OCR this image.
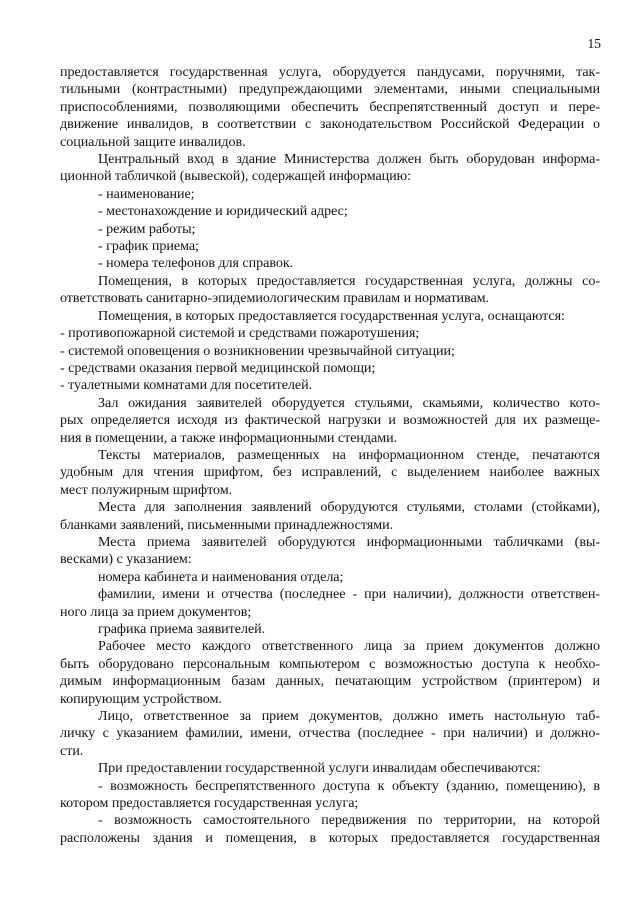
15

предоставляется государственная услуга, оборудуется пандусами, поручнями, так-
тильными (контрастными) предупреждающими элементами, иными специальными
приспособлениями, позволяющими обеспечить беспрепятственный доступ и пере-
движение инвалидов, в соответствии с законодательством Российской Федерации о
социальной защите инвалидов.

Центральный вход в здание Министерства должен быть оборудован информа-
ционной табличкой (вывеской), содержащей информацию:

- наименование;

- местонахождение и юридический адрес;

- режим работы;

- график приема;

- номера телефонов для справок.

Помещения, в которых предоставляется государственная услуга, должны со-
ответствовать санитарно-эпидемиологическим правилам и нормативам.

Помещения, в которых предоставляется государственная услуга, оснащаются:

- противопожарной системой и средствами пожаротушения;

- системой оповещения о возникновении чрезвычайной ситуации;

- средствами оказания первой медицинской помощи;

- туалетными комнатами для посетителей.

Зал ожидания заявителей оборудуется стульями, скамьями, количество кото-
рых определяется исходя из фактической нагрузки и возможностей для их размеще-
ния в помещении, а также информационными стендами.

Тексты материалов, размещенных на информационном стенде, печатаются
удобным для чтения шрифтом, без исправлений, с выделением наиболее важных
мест полужирным шрифтом.

Места для заполнения заявлений оборудуются стульями, столами (стойками),
бланками заявлений, письменными принадлежностями.

Места приема заявителей оборудуются информационными табличками (вы-
весками) с указанием:

номера кабинета и наименования отдела;

фамилии, имени и отчества (последнее - при наличии), должности ответствен-
ного лица за прием документов;

графика приема заявителей.

Рабочее место каждого ответственного лица за прием документов должно
быть оборудовано персональным компьютером с возможностью доступа к необхо-
димым информационным базам данных, печатающим устройством (принтером) и
копирующим устройством.

Лицо, ответственное за прием документов, должно иметь настольную таб-
личку с указанием фамилии, имени, отчества (последнее - при наличии) и должно-
сти.

При предоставлении государственной услуги инвалидам обеспечиваются:

- возможность беспрепятственного доступа к объекту (зданию, помещению), в
котором предоставляется государственная услуга;

- возможность самостоятельного передвижения по территории, на которой
расположены здания и помещения, в которых предоставляется государственная
